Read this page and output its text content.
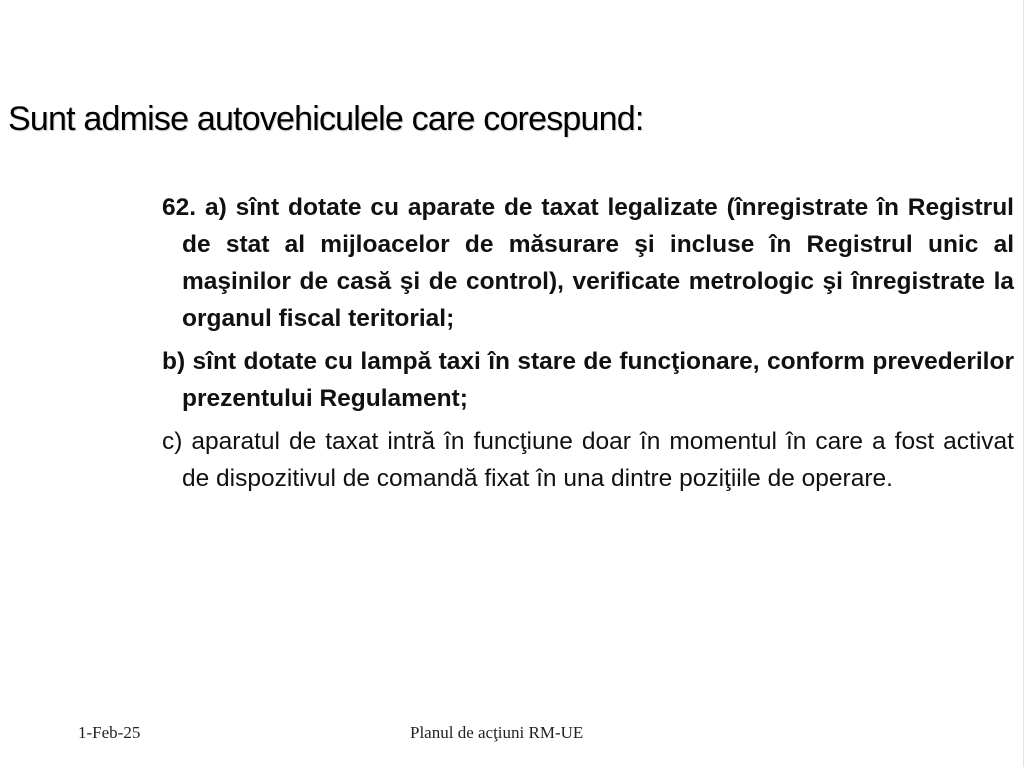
Sunt admise autovehiculele care corespund:

62. a) sînt dotate cu aparate de taxat legalizate (înregistrate în Registrul de stat al mijloacelor de măsurare şi incluse în Registrul unic al maşinilor de casă şi de control), verificate metrologic şi înregistrate la organul fiscal teritorial;

b) sînt dotate cu lampă taxi în stare de funcţionare, conform prevederilor prezentului Regulament;

c) aparatul de taxat intră în funcţiune doar în momentul în care a fost activat de dispozitivul de comandă fixat în una dintre poziţiile de operare.

1-Feb-25	Planul de acţiuni RM-UE
